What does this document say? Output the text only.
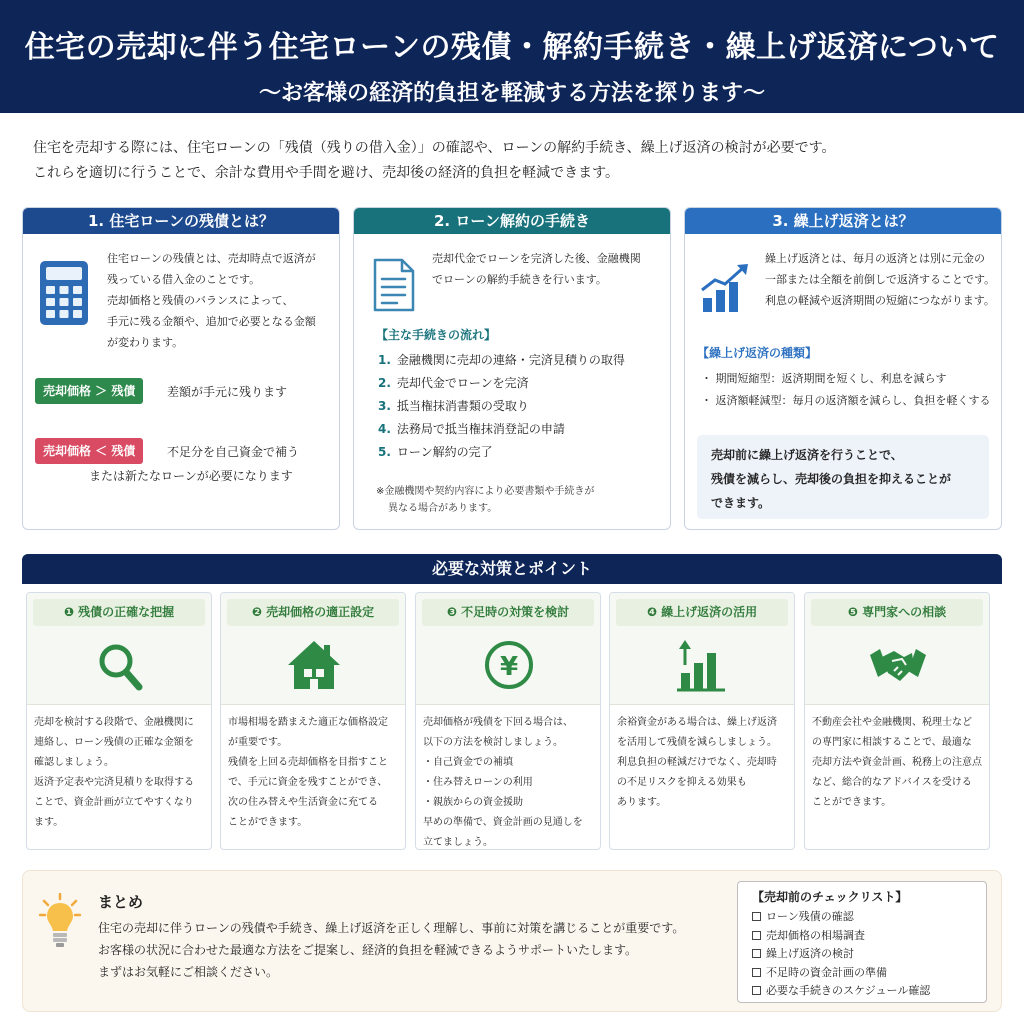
住宅の売却に伴う住宅ローンの残債・解約手続き・繰上げ返済について
〜お客様の経済的負担を軽減する方法を探ります〜
住宅を売却する際には、住宅ローンの「残債（残りの借入金）」の確認や、ローンの解約手続き、繰上げ返済の検討が必要です。
これらを適切に行うことで、余計な費用や手間を避け、売却後の経済的負担を軽減できます。
1. 住宅ローンの残債とは？
住宅ローンの残債とは、売却時点で返済が
残っている借入金のことです。
売却価格と残債のバランスによって、
手元に残る金額や、追加で必要となる金額
が変わります。
売却価格 ＞ 残債	差額が手元に残ります
売却価格 ＜ 残債	不足分を自己資金で補う
または新たなローンが必要になります
2. ローン解約の手続き
売却代金でローンを完済した後、金融機関
でローンの解約手続きを行います。
【主な手続きの流れ】
1. 金融機関に売却の連絡・完済見積りの取得
2. 売却代金でローンを完済
3. 抵当権抹消書類の受取り
4. 法務局で抵当権抹消登記の申請
5. ローン解約の完了
※金融機関や契約内容により必要書類や手続きが
異なる場合があります。
3. 繰上げ返済とは？
繰上げ返済とは、毎月の返済とは別に元金の
一部または全額を前倒しで返済することです。
利息の軽減や返済期間の短縮につながります。
【繰上げ返済の種類】
・ 期間短縮型：返済期間を短くし、利息を減らす
・ 返済額軽減型：毎月の返済額を減らし、負担を軽くする
売却前に繰上げ返済を行うことで、
残債を減らし、売却後の負担を抑えることが
できます。
必要な対策とポイント
❶ 残債の正確な把握
売却を検討する段階で、金融機関に
連絡し、ローン残債の正確な金額を
確認しましょう。
返済予定表や完済見積りを取得する
ことで、資金計画が立てやすくなり
ます。
❷ 売却価格の適正設定
市場相場を踏まえた適正な価格設定
が重要です。
残債を上回る売却価格を目指すこと
で、手元に資金を残すことができ、
次の住み替えや生活資金に充てる
ことができます。
❸ 不足時の対策を検討
¥
売却価格が残債を下回る場合は、
以下の方法を検討しましょう。
・自己資金での補填
・住み替えローンの利用
・親族からの資金援助
早めの準備で、資金計画の見通しを
立てましょう。
❹ 繰上げ返済の活用
余裕資金がある場合は、繰上げ返済
を活用して残債を減らしましょう。
利息負担の軽減だけでなく、売却時
の不足リスクを抑える効果も
あります。
❺ 専門家への相談
不動産会社や金融機関、税理士など
の専門家に相談することで、最適な
売却方法や資金計画、税務上の注意点
など、総合的なアドバイスを受ける
ことができます。
まとめ
住宅の売却に伴うローンの残債や手続き、繰上げ返済を正しく理解し、事前に対策を講じることが重要です。
お客様の状況に合わせた最適な方法をご提案し、経済的負担を軽減できるようサポートいたします。
まずはお気軽にご相談ください。
【売却前のチェックリスト】
ローン残債の確認
売却価格の相場調査
繰上げ返済の検討
不足時の資金計画の準備
必要な手続きのスケジュール確認
